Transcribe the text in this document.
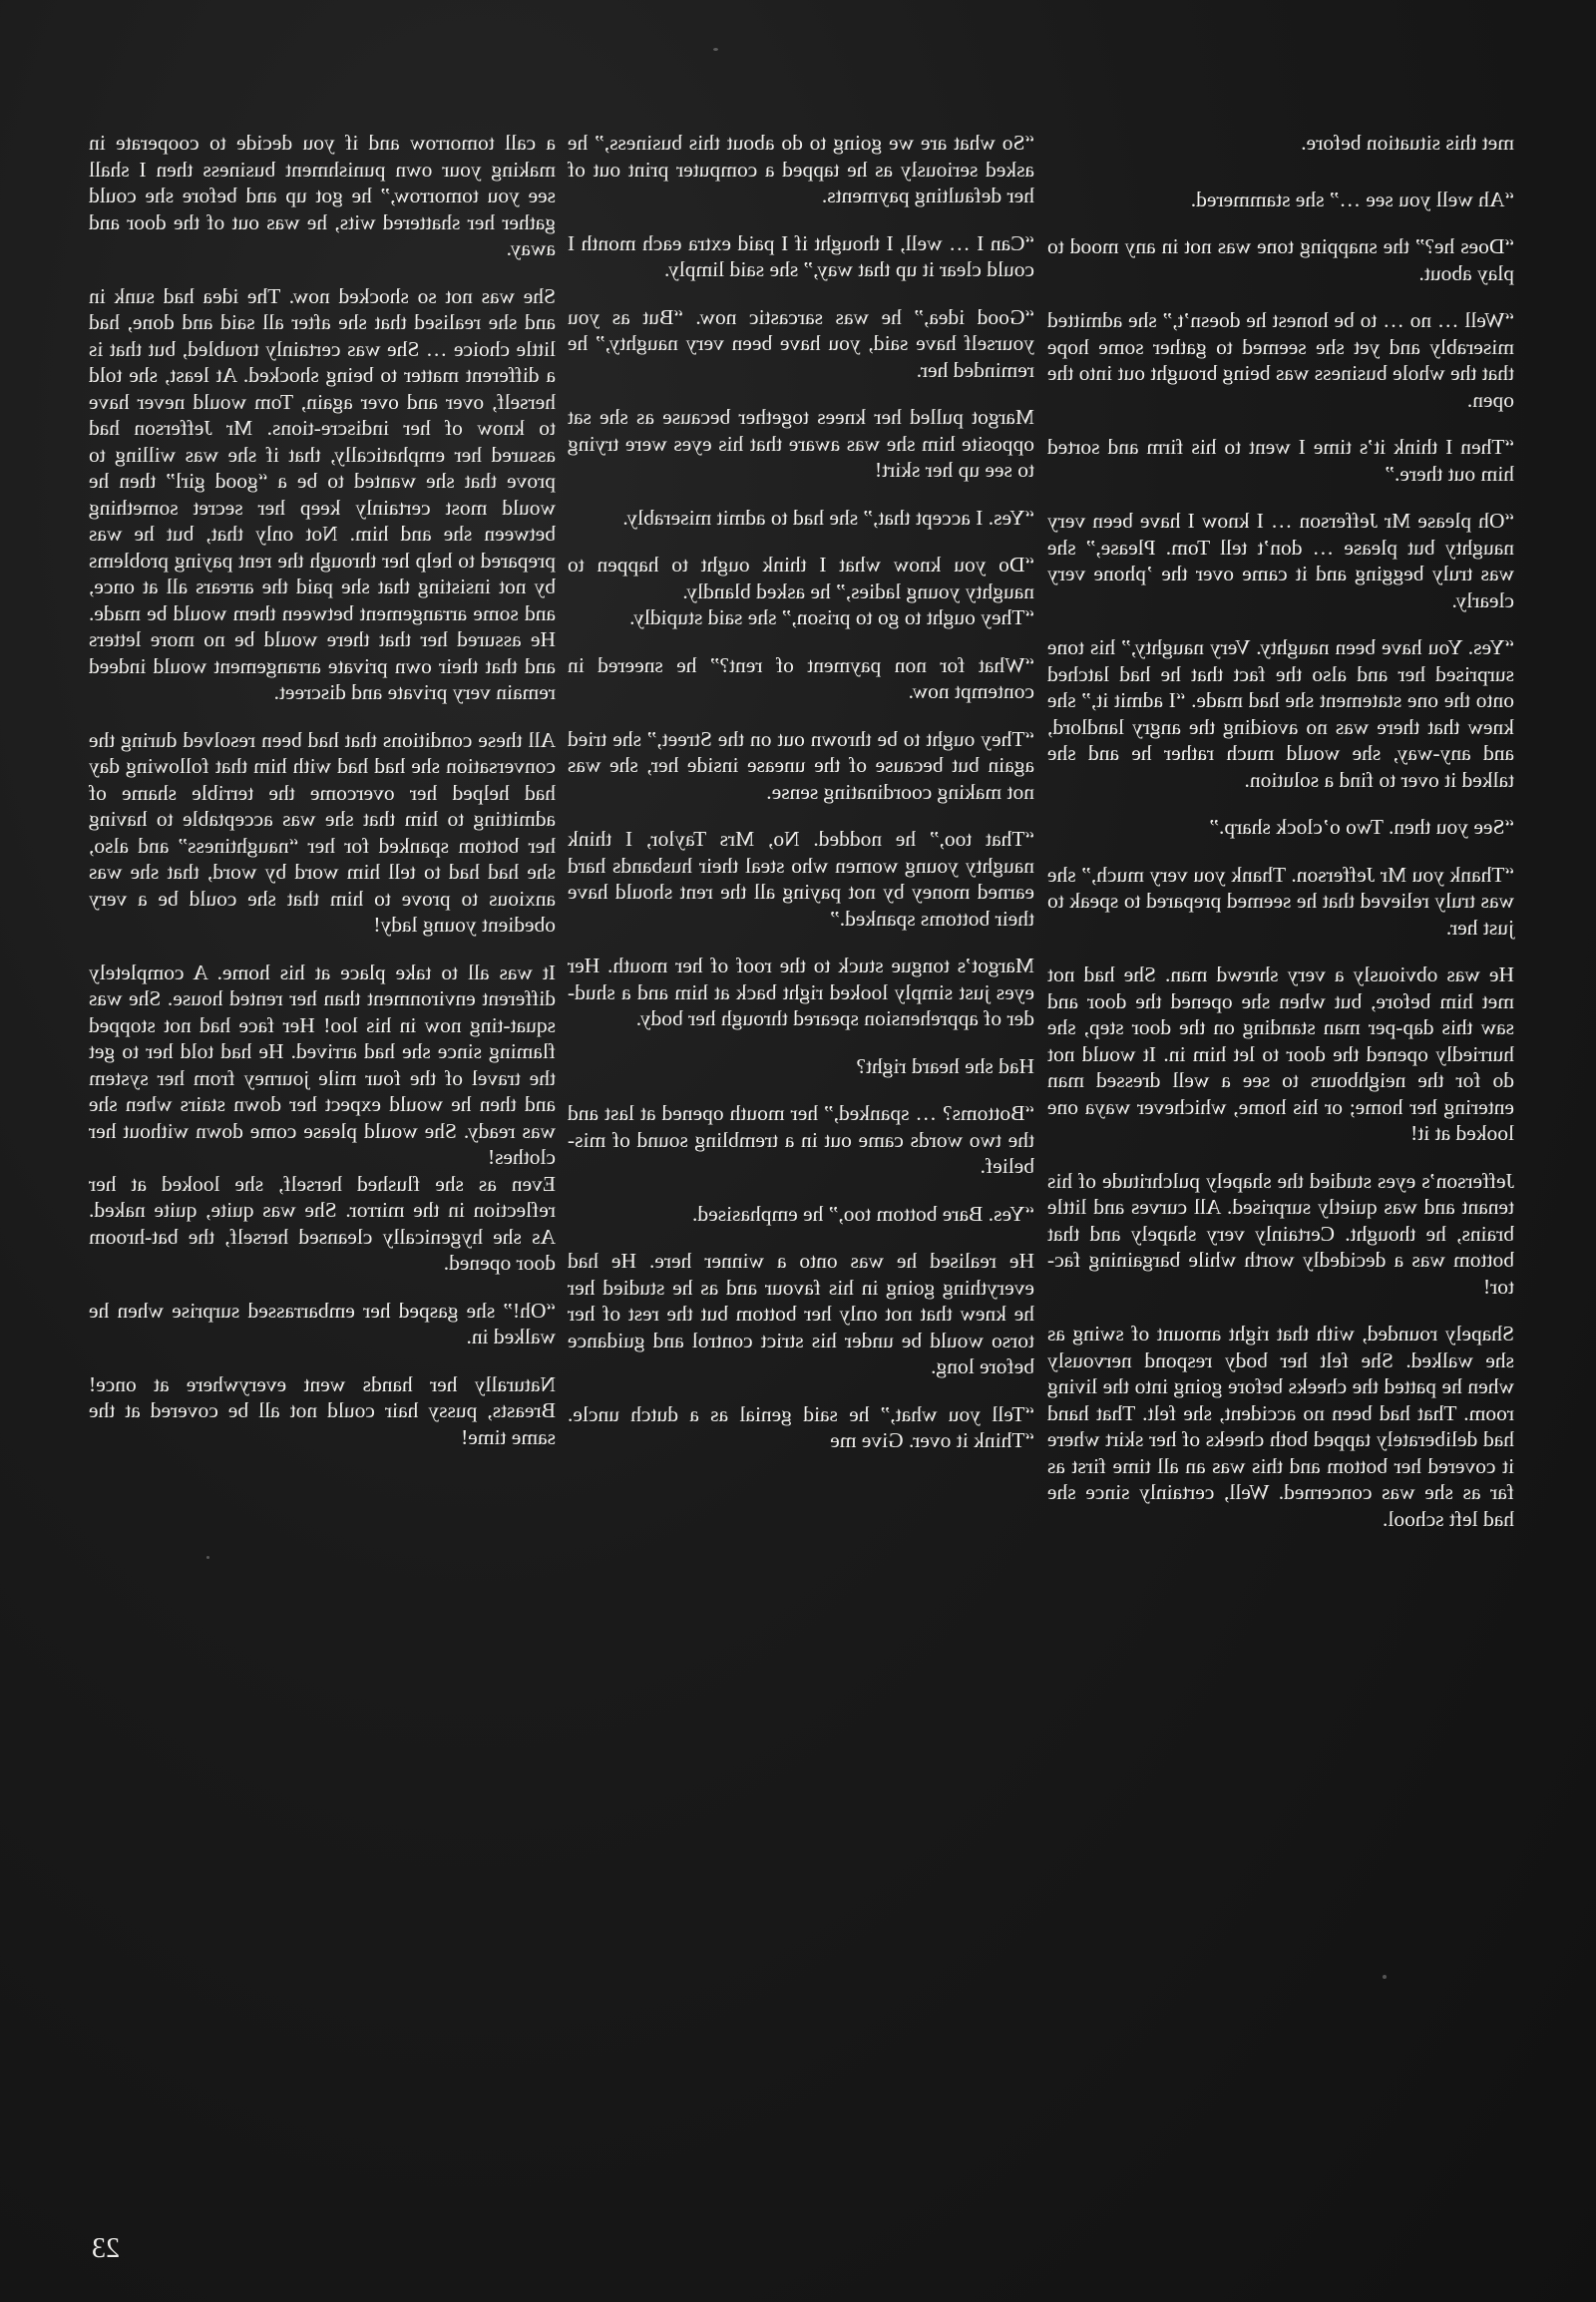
met this situation before.

“Ah well you see …” she stammered.

“Does he?” the snapping tone was not in any mood to play about.

“Well … no … to be honest he doesn’t,” she admitted miserably and yet she seemed to gather some hope that the whole business was being brought out into the open.

“Then I think it’s time I went to his firm and sorted him out there.”

“Oh please Mr Jefferson … I know I have been very naughty but please … don’t tell Tom. Please,” she was truly begging and it came over the ’phone very clearly.

“Yes. You have been naughty. Very naughty,” his tone surprised her and also the fact that he had latched onto the one statement she had made. “I admit it,” she knew that there was no avoiding the angry landlord, and any-way, she would much rather he and she talked it over to find a solution.

“See you then. Two o’clock sharp.”

“Thank you Mr Jefferson. Thank you very much,” she was truly relieved that he seemed prepared to speak to just her.

He was obviously a very shrewd man. She had not met him before, but when she opened the door and saw this dap-per man standing on the door step, she hurriedly opened the door to let him in. It would not do for the neighbours to see a well dressed man entering her home; or his home, whichever waya one looked at it!

Jefferson’s eyes studied the shapely pulchritude of his tenant and was quietly surprised. All curves and little brains, he thought. Certainly very shapely and that bottom was a decidedly worth while bargaining fac-tor!

Shapely rounded, with that right amount of swing as she walked. She felt her body respond nervously when he patted the cheeks before going into the living room. That had been no accident, she felt. That hand had deliberately tapped both cheeks of her skirt where it covered her bottom and this was an all time first as far as she was concerned. Well, certainly since she had left school.

“So what are we going to do about this business,” he asked seriously as he tapped a computer print out of her defaulting payments.

“Can I … well, I thought if I paid extra each month I could clear it up that way,” she said limply.

“Good idea,” he was sarcastic now. “But as you yourself have said, you have been very naughty,” he reminded her.

Margot pulled her knees together because as she sat opposite him she was aware that his eyes were trying to see up her skirt!

“Yes. I accept that,” she had to admit miserably.

“Do you know what I think ought to happen to naughty young ladies,” he asked blandly.

“They ought to go to prison,” she said stupidly.

“What for non payment of rent?” he sneered in contempt now.

“They ought to be thrown out on the Street,” she tried again but because of the unease inside her, she was not making coordinating sense.

“That too,” he nodded. No, Mrs Taylor, I think naughty young women who steal their husbands hard earned money by not paying all the rent should have their bottoms spanked.”

Margot’s tongue stuck to the roof of her mouth. Her eyes just simply looked right back at him and a shud-der of apprehension speared through her body.

Had she heard right?

“Bottoms? … spanked,” her mouth opened at last and the two words came out in a trembling sound of mis-belief.

“Yes. Bare bottom too,” he emphasised.

He realised he was onto a winner here. He had everything going in his favour and as he studied her he knew that not only her bottom but the rest of her torso would be under his strict control and guidance before long.

“Tell you what,” he said genial as a dutch uncle. “Think it over. Give me

a call tomorrow and if you decide to cooperate in making your own punishment business then I shall see you tomorrow,” he got up and before she could gather her shattered wits, he was out of the door and away.

She was not so shocked now. The idea had sunk in and she realised that she after all said and done, had little choice … She was certainly troubled, but that is a different matter to being shocked. At least, she told herself, over and over again, Tom would never have to know of her indiscre-tions. Mr Jefferson had assured her emphatically, that if she was willing to prove that she wanted to be a “good girl” then he would most certainly keep her secret something between she and him. Not only that, but he was prepared to help her through the rent paying problems by not insisting that she paid the arrears all at once, and some arrangement between them would be made. He assured her that there would be no more letters and that their own private arrangement would indeed remain very private and discreet.

All these conditions that had been resolved during the conversation she had had with him that following day had helped her overcome the terrible shame of admitting to him that she was acceptable to having her bottom spanked for her “naughtiness” and also, she had had to tell him word by word, that she was anxious to prove to him that she could be a very obedient young lady!

It was all to take place at his home. A completely different environment than her rented house. She was squat-ting now in his loo! Her face had not stopped flaming since she had arrived. He had told her to get the travel of the four mile journey from her system and then he would expect her down stairs when she was ready. She would please come down without her clothes!

Even as she flushed herself, she looked at her reflection in the mirror. She was quite, quite naked. As she hygenically cleansed herself, the bat-hroom door opened.

“Oh!” she gasped her embarrassed surprise when he walked in.

Naturally her hands went everywhere at once! Breasts, pussy hair could not all be covered at the same time!

23
